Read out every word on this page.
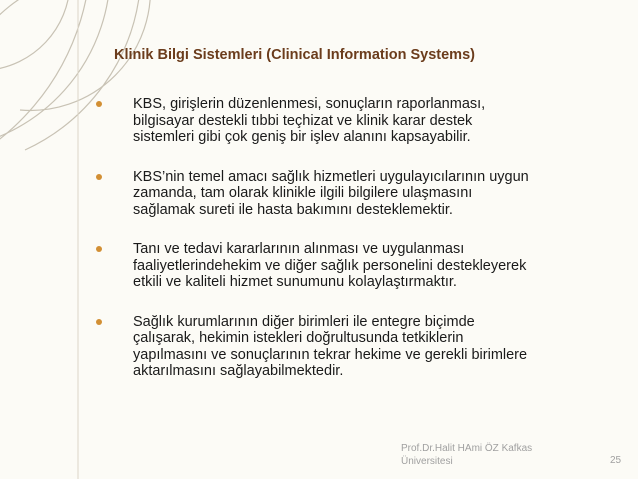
Klinik Bilgi Sistemleri (Clinical Information Systems)
KBS, girişlerin düzenlenmesi, sonuçların raporlanması,
bilgisayar destekli tıbbi teçhizat ve klinik karar destek
sistemleri gibi çok geniş bir işlev alanını kapsayabilir.
KBS’nin temel amacı sağlık hizmetleri uygulayıcılarının uygun
zamanda, tam olarak klinikle ilgili bilgilere ulaşmasını
sağlamak sureti ile hasta bakımını desteklemektir.
Tanı ve tedavi kararlarının alınması ve uygulanması
faaliyetlerindehekim ve diğer sağlık personelini destekleyerek
etkili ve kaliteli hizmet sunumunu kolaylaştırmaktır.
Sağlık kurumlarının diğer birimleri ile entegre biçimde
çalışarak, hekimin istekleri doğrultusunda tetkiklerin
yapılmasını ve sonuçlarının tekrar hekime ve gerekli birimlere
aktarılmasını sağlayabilmektedir.
Prof.Dr.Halit HAmi ÖZ Kafkas
Üniversitesi	25
